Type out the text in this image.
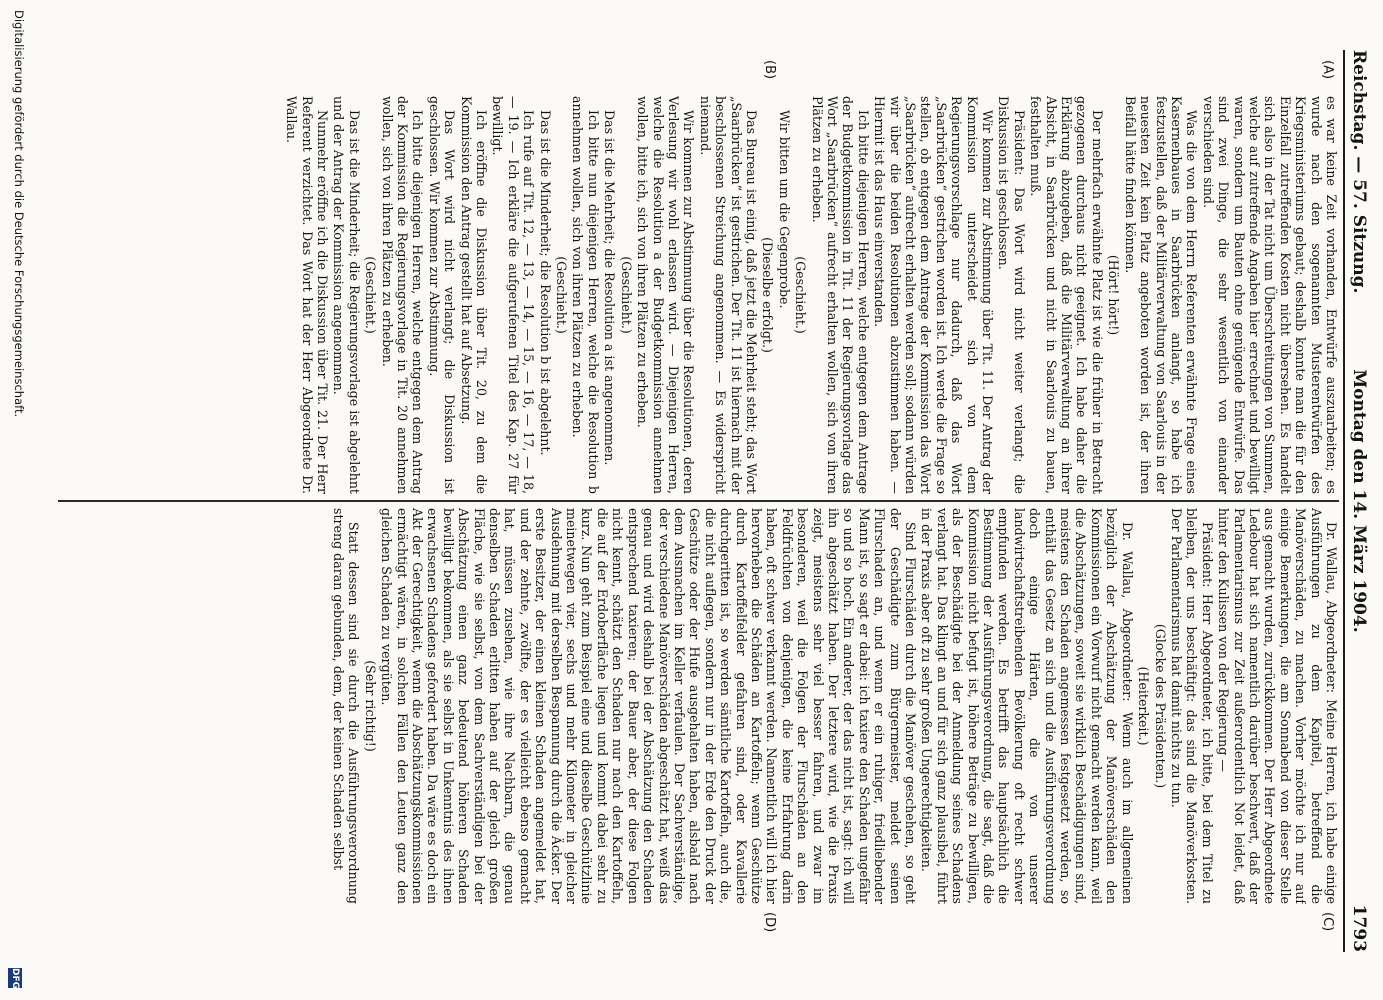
Reichstag. — 57. Sitzung.
Montag den 14. März 1904.
1793
(A)
(B)
(C)
(D)

es war keine Zeit vorhanden, Entwürfe auszuarbeiten; es wurde nach den sogenannten Musterentwürfen des Kriegsministeriums gebaut; deshalb konnte man die für den Einzelfall zutreffenden Kosten nicht übersehen. Es handelt sich also in der Tat nicht um Überschreitungen von Summen, welche auf zutreffende Angaben hier errechnet und bewilligt waren, sondern um Bauten ohne genügende Entwürfe. Das sind zwei Dinge, die sehr wesentlich von einander verschieden sind.

Was die von dem Herrn Referenten erwähnte Frage eines Kasernenbaues in Saarbrücken anlangt, so habe ich festzustellen, daß der Militärverwaltung von Saarlouis in der neuesten Zeit kein Platz angeboten worden ist, der ihren Beifall hätte finden können.

(Hört! hört!)

Der mehrfach erwähnte Platz ist wie die früher in Betracht gezogenen durchaus nicht geeignet. Ich habe daher die Erklärung abzugeben, daß die Militärverwaltung an ihrer Absicht, in Saarbrücken und nicht in Saarlouis zu bauen, festhalten muß.

Präsident: Das Wort wird nicht weiter verlangt; die Diskussion ist geschlossen.

Wir kommen zur Abstimmung über Tit. 11. Der Antrag der Kommission unterscheidet sich von dem Regierungsvorschlage nur dadurch, daß das Wort „Saarbrücken“ gestrichen worden ist. Ich werde die Frage so stellen, ob entgegen dem Antrage der Kommission das Wort „Saarbrücken“ aufrecht erhalten werden soll; sodann würden wir über die beiden Resolutionen abzustimmen haben. — Hiermit ist das Haus einverstanden.

Ich bitte diejenigen Herren, welche entgegen dem Antrage der Budgetkommission in Tit. 11 der Regierungsvorlage das Wort „Saarbrücken“ aufrecht erhalten wollen, sich von ihren Plätzen zu erheben.

(Geschieht.)

Wir bitten um die Gegenprobe.

(Dieselbe erfolgt.)

Das Bureau ist einig, daß jetzt die Mehrheit steht; das Wort „Saarbrücken“ ist gestrichen. Der Tit. 11 ist hiernach mit der beschlossenen Streichung angenommen. — Es widerspricht niemand.

Wir kommen zur Abstimmung über die Resolutionen, deren Verlesung wir wohl erlassen wird. — Diejenigen Herren, welche die Resolution a der Budgetkommission annehmen wollen, bitte ich, sich von ihren Plätzen zu erheben.

(Geschieht.)

Das ist die Mehrheit; die Resolution a ist angenommen.

Ich bitte nun diejenigen Herren, welche die Resolution b annehmen wollen, sich von ihren Plätzen zu erheben.

(Geschieht.)

Das ist die Minderheit; die Resolution b ist abgelehnt.

Ich rufe auf Tit. 12, — 13, — 14, — 15, — 16, — 17, — 18, — 19. — Ich erkläre die aufgerufenen Titel des Kap. 27 für bewilligt.

Ich eröffne die Diskussion über Tit. 20, zu dem die Kommission den Antrag gestellt hat auf Absetzung.

Das Wort wird nicht verlangt; die Diskussion ist geschlossen. Wir kommen zur Abstimmung.

Ich bitte diejenigen Herren, welche entgegen dem Antrag der Kommission die Regierungsvorlage in Tit. 20 annehmen wollen, sich von ihren Plätzen zu erheben.

(Geschieht.)

Das ist die Minderheit; die Regierungsvorlage ist abgelehnt und der Antrag der Kommission angenommen.

Nunmehr eröffne ich die Diskussion über Tit. 21. Der Herr Referent verzichtet. Das Wort hat der Herr Abgeordnete Dr. Wallau.

Dr. Wallau, Abgeordneter: Meine Herren, ich habe einige Ausführungen zu dem Kapitel, betreffend die Manöverschäden, zu machen. Vorher möchte ich nur auf einige Bemerkungen, die am Sonnabend von dieser Stelle aus gemacht wurden, zurückkommen. Der Herr Abgeordnete Ledebour hat sich namentlich darüber beschwert, daß der Parlamentarismus zur Zeit außerordentlich Not leidet, daß hinter den Kulissen von der Regierung —

Präsident: Herr Abgeordneter, ich bitte, bei dem Titel zu bleiben, der uns beschäftigt: das sind die Manöverkosten. Der Parlamentarismus hat damit nichts zu tun.

(Glocke des Präsidenten.)

(Heiterkeit.)

Dr. Wallau, Abgeordneter: Wenn auch im allgemeinen bezüglich der Abschätzung der Manöverschäden den Kommissionen ein Vorwurf nicht gemacht werden kann, weil die Abschätzungen, soweit sie wirklich Beschädigungen sind, meistens den Schaden angemessen festgesetzt werden, so enthält das Gesetz an sich und die Ausführungsverordnung doch einige Härten, die von unserer landwirtschaftstreibenden Bevölkerung oft recht schwer empfunden werden. Es betrifft das hauptsächlich die Bestimmung der Ausführungsverordnung, die sagt, daß die Kommission nicht befugt ist, höhere Beträge zu bewilligen, als der Beschädigte bei der Anmeldung seines Schadens verlangt hat. Das klingt an und für sich ganz plausibel, führt in der Praxis aber oft zu sehr großen Ungerechtigkeiten.

Sind Flurschäden durch die Manöver geschehen, so geht der Geschädigte zum Bürgermeister, meldet seinen Flurschaden an, und wenn er ein ruhiger, friedliebender Mann ist, so sagt er dabei: ich taxiere den Schaden ungefähr so und so hoch. Ein anderer, der das nicht ist, sagt: ich will ihn abgeschätzt haben. Der letztere wird, wie die Praxis zeigt, meistens sehr viel besser fahren, und zwar im besonderen, weil die Folgen der Flurschäden an den Feldfrüchten von denjenigen, die keine Erfahrung darin haben, oft schwer verkannt werden. Namentlich will ich hier hervorheben die Schäden an Kartoffeln; wenn Geschütze durch Kartoffelfelder gefahren sind, oder Kavallerie durchgeritten ist, so werden sämtliche Kartoffeln, auch die, die nicht auflegen, sondern nur in der Erde den Druck der Geschütze oder der Hufe ausgehalten haben, alsbald nach dem Ausmachen im Keller verfaulen. Der Sachverständige, der verschiedene Manöverschäden abgeschätzt hat, weiß das genau und wird deshalb bei der Abschätzung den Schaden entsprechend taxieren; der Bauer aber, der diese Folgen nicht kennt, schätzt den Schaden nur nach den Kartoffeln, die auf der Erdoberfläche liegen und kommt dabei sehr zu kurz. Nun geht zum Beispiel eine und dieselbe Geschützlinie meinetwegen vier, sechs und mehr Kilometer in gleicher Ausdehnung mit derselben Bespannung durch die Äcker. Der erste Besitzer, der einen kleinen Schaden angemeldet hat, und der zehnte, zwölfte, der es vielleicht ebenso gemacht hat, müssen zusehen, wie ihre Nachbarn, die genau denselben Schaden erlitten haben auf der gleich großen Fläche, wie sie selbst, von dem Sachverständigen bei der Abschätzung einen ganz bedeutend höheren Schaden bewilligt bekommen, als sie selbst in Unkenntnis des ihnen erwachsenen Schadens gefordert haben. Da wäre es doch ein Akt der Gerechtigkeit, wenn die Abschätzungskommissionen ermächtigt wären, in solchen Fällen den Leuten ganz den gleichen Schaden zu vergüten.

(Sehr richtig!)

Statt dessen sind sie durch die Ausführungsverordnung streng daran gebunden, dem, der keinen Schaden selbst

Digitalisierung gefördert durch die Deutsche Forschungsgemeinschaft.
DFG
